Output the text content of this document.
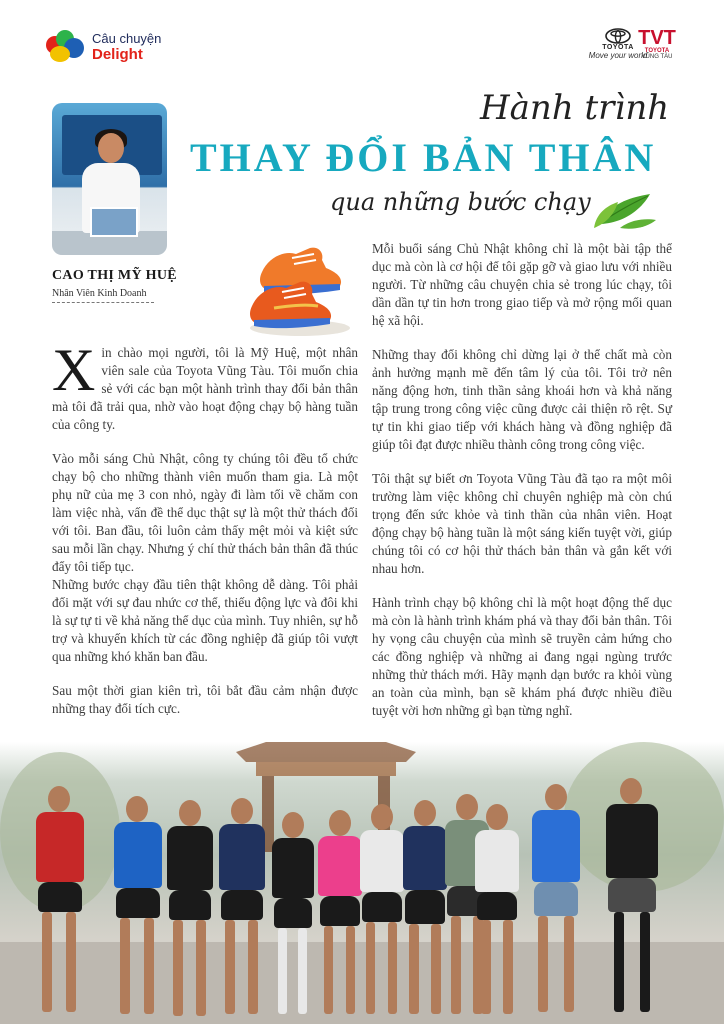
Câu chuyện
Delight	TOYOTA
Move your world
TVT
TOYOTA
VŨNG TÀU
CAO THỊ MỸ HUỆ
Nhân Viên Kinh Doanh
Hành trình
THAY ĐỔI BẢN THÂN
qua những bước chạy

Xin chào mọi người, tôi là Mỹ Huệ, một nhân viên sale của Toyota Vũng Tàu. Tôi muốn chia sẻ với các bạn một hành trình thay đổi bản thân mà tôi đã trải qua, nhờ vào hoạt động chạy bộ hàng tuần của công ty.

Vào mỗi sáng Chủ Nhật, công ty chúng tôi đều tổ chức chạy bộ cho những thành viên muốn tham gia. Là một phụ nữ của mẹ 3 con nhỏ, ngày đi làm tối về chăm con làm việc nhà, vấn đề thể dục thật sự là một thử thách đối với tôi. Ban đầu, tôi luôn cảm thấy mệt mỏi và kiệt sức sau mỗi lần chạy. Nhưng ý chí thử thách bản thân đã thúc đẩy tôi tiếp tục.

Những bước chạy đầu tiên thật không dễ dàng. Tôi phải đối mặt với sự đau nhức cơ thể, thiếu động lực và đôi khi là sự tự ti về khả năng thể dục của mình. Tuy nhiên, sự hỗ trợ và khuyến khích từ các đồng nghiệp đã giúp tôi vượt qua những khó khăn ban đầu.

Sau một thời gian kiên trì, tôi bắt đầu cảm nhận được những thay đổi tích cực.

Mỗi buổi sáng Chủ Nhật không chỉ là một bài tập thể dục mà còn là cơ hội để tôi gặp gỡ và giao lưu với nhiều người. Từ những câu chuyện chia sẻ trong lúc chạy, tôi dần dần tự tin hơn trong giao tiếp và mở rộng mối quan hệ xã hội.

Những thay đổi không chỉ dừng lại ở thể chất mà còn ảnh hưởng mạnh mẽ đến tâm lý của tôi. Tôi trở nên năng động hơn, tinh thần sảng khoái hơn và khả năng tập trung trong công việc cũng được cải thiện rõ rệt. Sự tự tin khi giao tiếp với khách hàng và đồng nghiệp đã giúp tôi đạt được nhiều thành công trong công việc.

Tôi thật sự biết ơn Toyota Vũng Tàu đã tạo ra một môi trường làm việc không chỉ chuyên nghiệp mà còn chú trọng đến sức khỏe và tinh thần của nhân viên. Hoạt động chạy bộ hàng tuần là một sáng kiến tuyệt vời, giúp chúng tôi có cơ hội thử thách bản thân và gắn kết với nhau hơn.

Hành trình chạy bộ không chỉ là một hoạt động thể dục mà còn là hành trình khám phá và thay đổi bản thân. Tôi hy vọng câu chuyện của mình sẽ truyền cảm hứng cho các đồng nghiệp và những ai đang ngại ngùng trước những thử thách mới. Hãy mạnh dạn bước ra khỏi vùng an toàn của mình, bạn sẽ khám phá được nhiều điều tuyệt vời hơn những gì bạn từng nghĩ.
